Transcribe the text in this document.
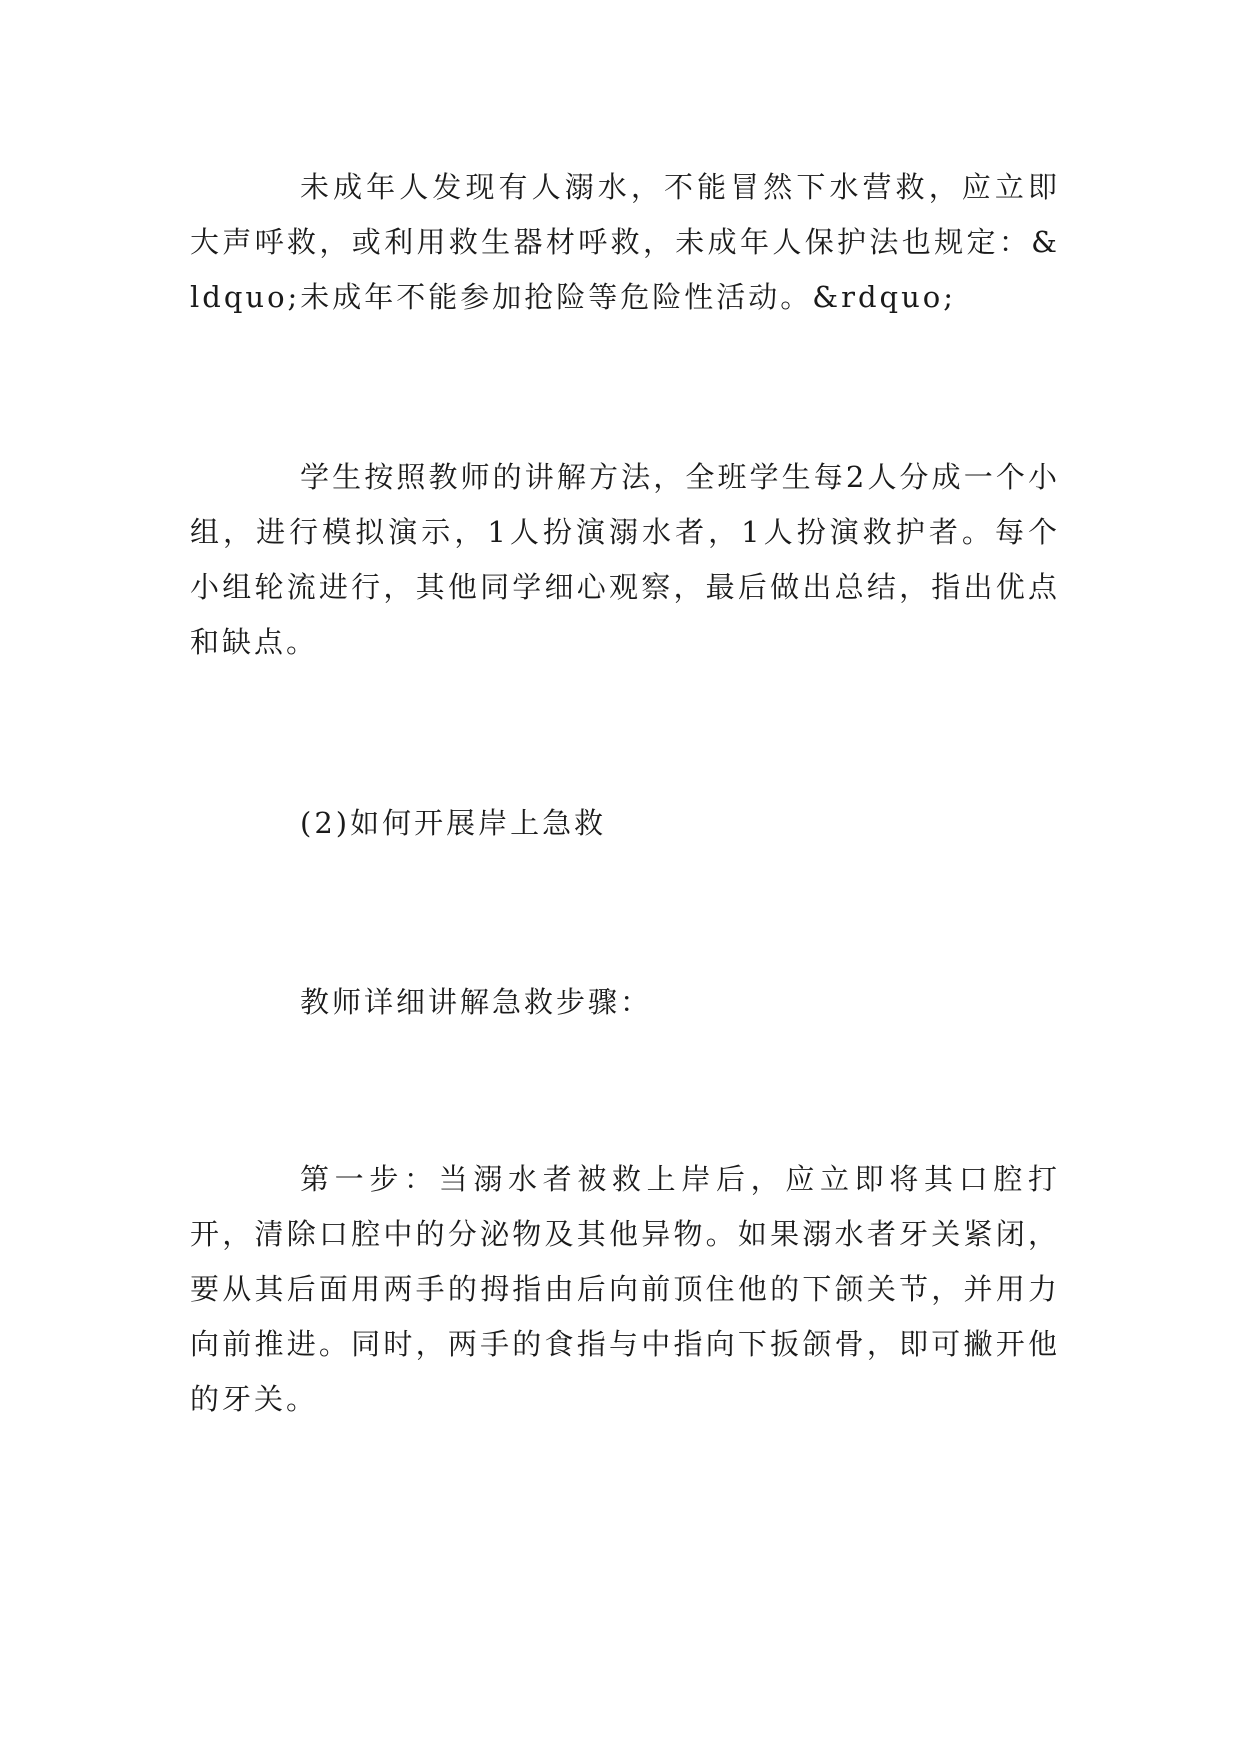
未成年人发现有人溺水，不能冒然下水营救，应立即大声呼救，或利用救生器材呼救，未成年人保护法也规定：&ldquo;未成年不能参加抢险等危险性活动。&rdquo;

学生按照教师的讲解方法，全班学生每2人分成一个小组，进行模拟演示，1人扮演溺水者，1人扮演救护者。每个小组轮流进行，其他同学细心观察，最后做出总结，指出优点和缺点。

(2)如何开展岸上急救

教师详细讲解急救步骤：

第一步：当溺水者被救上岸后，应立即将其口腔打开，清除口腔中的分泌物及其他异物。如果溺水者牙关紧闭，要从其后面用两手的拇指由后向前顶住他的下颌关节，并用力向前推进。同时，两手的食指与中指向下扳颌骨，即可撇开他的牙关。
